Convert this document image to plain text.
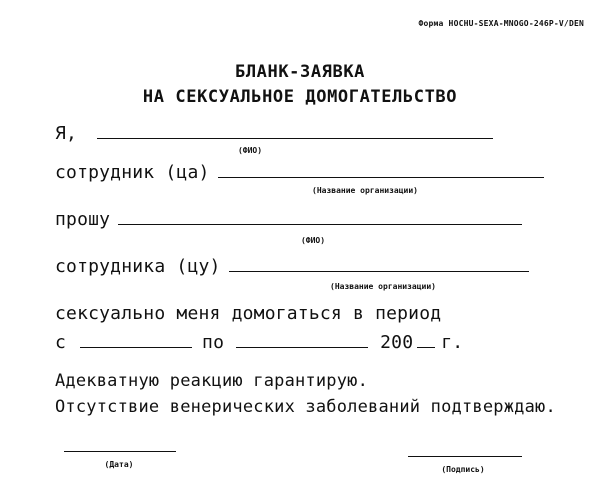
Форма HOCHU-SEXA-MNOGO-246P-V/DEN
БЛАНК-ЗАЯВКА
НА СЕКСУАЛЬНОЕ ДОМОГАТЕЛЬСТВО
Я,
(ФИО)
сотрудник (ца)
(Название организации)
прошу
(ФИО)
сотрудника (цу)
(Название организации)
сексуально меня домогаться в период
с	по	200 г.
Адекватную реакцию гарантирую.
Отсутствие венерических заболеваний подтверждаю.
(Дата)
(Подпись)
